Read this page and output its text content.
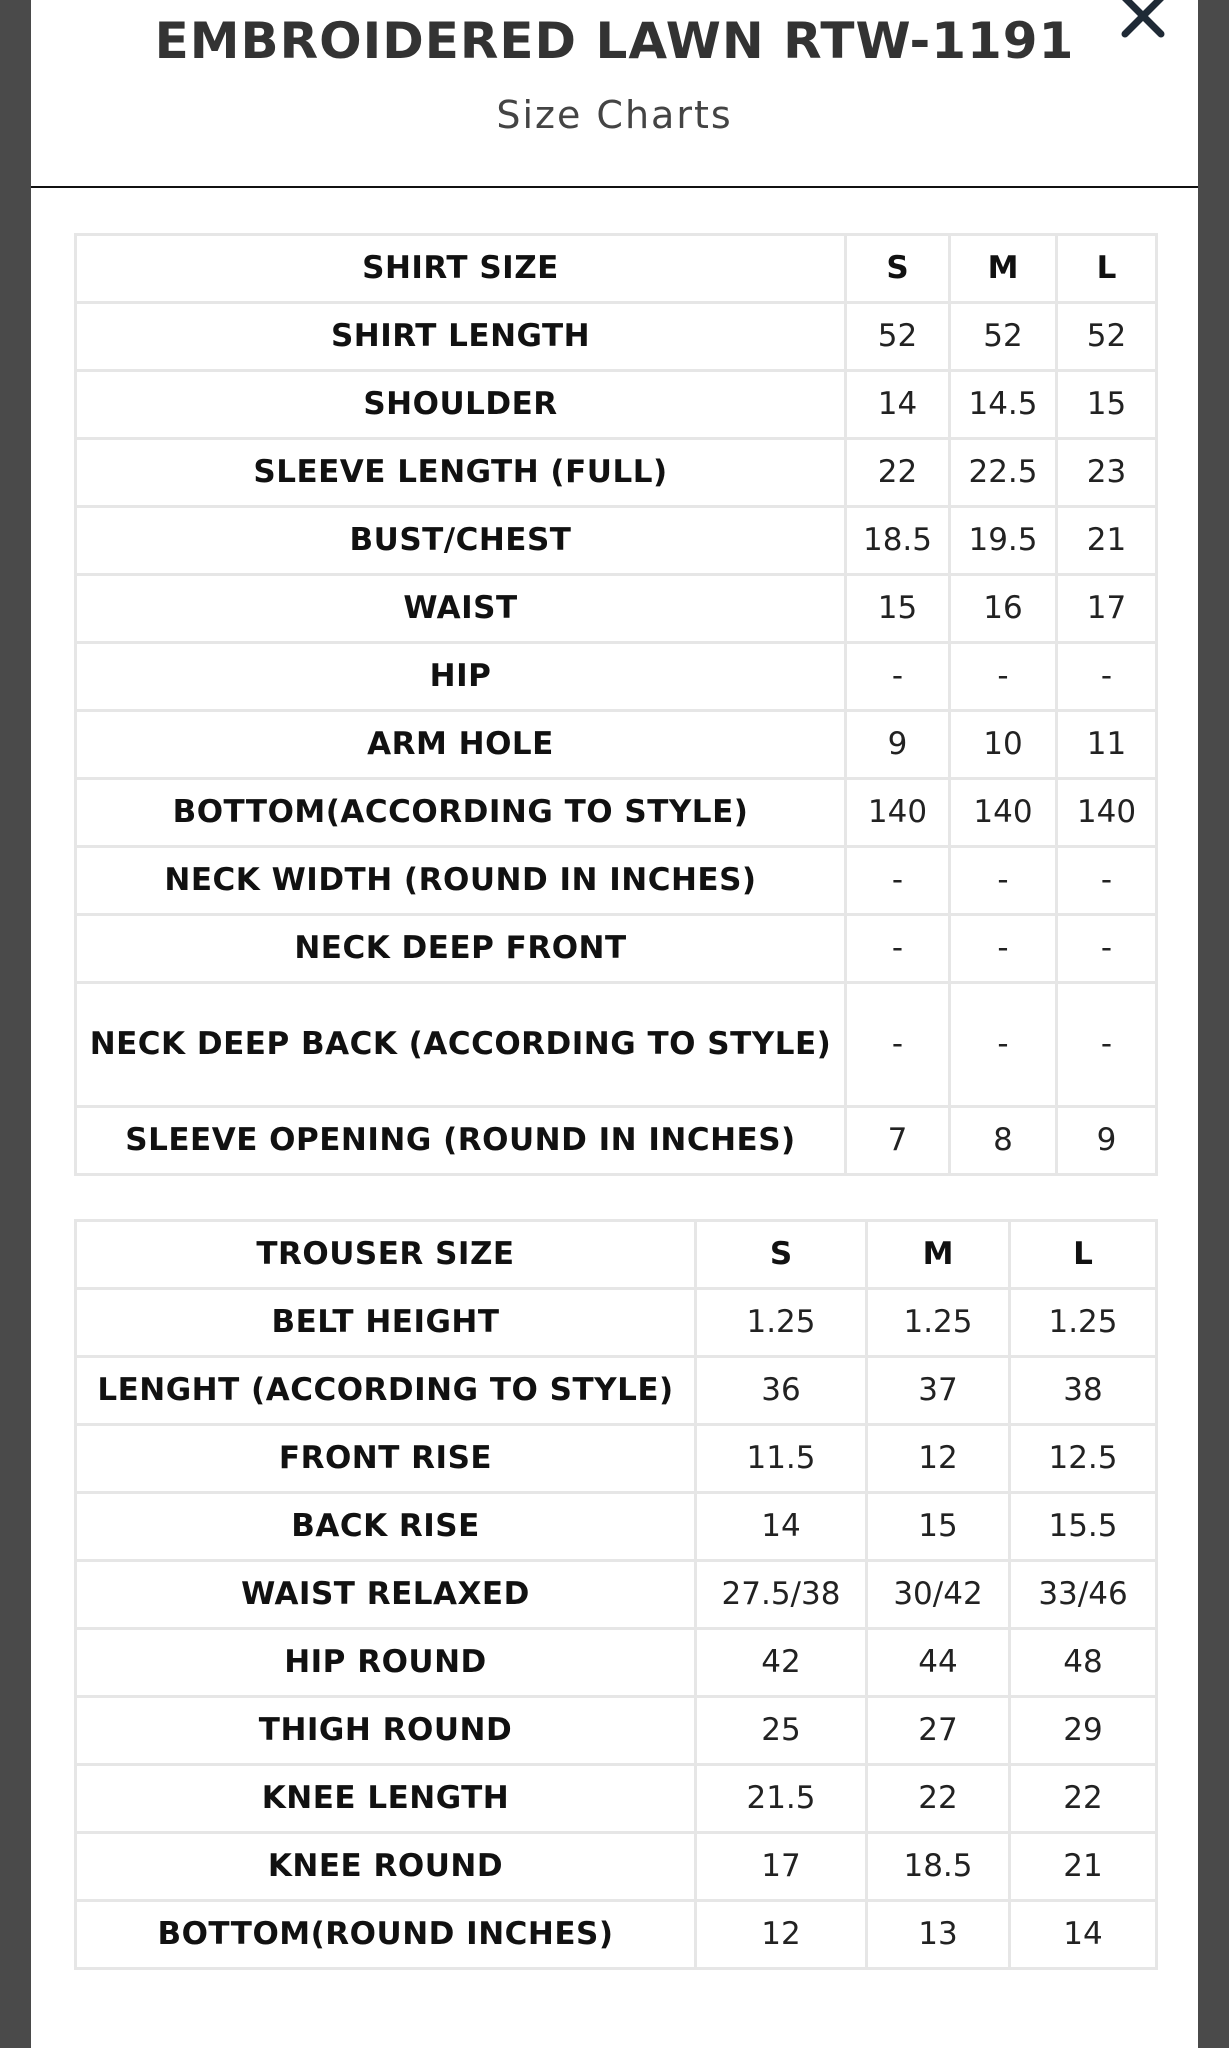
EMBROIDERED LAWN RTW-1191
Size Charts
SHIRT SIZE	S	M	L
SHIRT LENGTH	52	52	52
SHOULDER	14	14.5	15
SLEEVE LENGTH (FULL)	22	22.5	23
BUST/CHEST	18.5	19.5	21
WAIST	15	16	17
HIP	-	-	-
ARM HOLE	9	10	11
BOTTOM(ACCORDING TO STYLE)	140	140	140
NECK WIDTH (ROUND IN INCHES)	-	-	-
NECK DEEP FRONT	-	-	-
NECK DEEP BACK (ACCORDING TO STYLE)	-	-	-
SLEEVE OPENING (ROUND IN INCHES)	7	8	9
TROUSER SIZE	S	M	L
BELT HEIGHT	1.25	1.25	1.25
LENGHT (ACCORDING TO STYLE)	36	37	38
FRONT RISE	11.5	12	12.5
BACK RISE	14	15	15.5
WAIST RELAXED	27.5/38	30/42	33/46
HIP ROUND	42	44	48
THIGH ROUND	25	27	29
KNEE LENGTH	21.5	22	22
KNEE ROUND	17	18.5	21
BOTTOM(ROUND INCHES)	12	13	14
